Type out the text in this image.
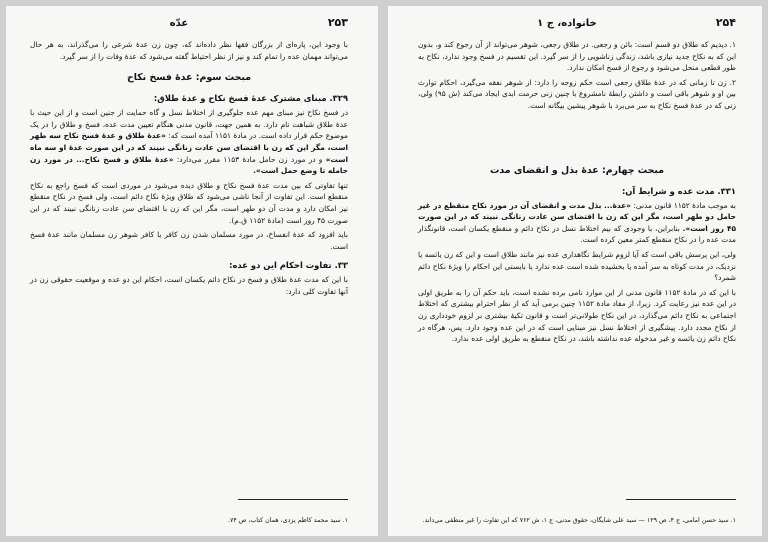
۲۵۴
خانواده، ج ۱

۱. دیدیم که طلاق دو قسم است: بائن و رجعی. در طلاق رجعی، شوهر می‌تواند از آن رجوع کند و، بدون این که به نکاح جدید نیازی باشد، زندگی زناشویی را از سر گیرد. این تقسیم در فسخ وجود ندارد، نکاح به طور قطعی منحل می‌شود و رجوع از فسخ امکان ندارد.

۲. زن تا زمانی که در عدهٔ طلاق رجعی است حکم زوجه را دارد: از شوهر نفقه می‌گیرد، احکام توارث بین او و شوهر باقی است و داشتن رابطهٔ نامشروع با چنین زنی حرمت ابدی ایجاد می‌کند (ش ۹۵) ولی، زنی که در عدهٔ فسخ نکاح به سر می‌برد با شوهر پیشین بیگانه است.

مبحث چهارم: عدهٔ بذل و انقضای مدت
۳۳۱. مدت عده و شرایط آن:

به موجب مادهٔ ۱۱۵۲ قانون مدنی: «عدهٔ... بذل مدت و انقضای آن در مورد نکاح منقطع در غیر حامل دو طهر است، مگر این که زن با اقتضای سن عادت زنانگی نبیند که در این صورت ۴۵ روز است». بنابراین، با وجودی که بیم اختلاط نسل در نکاح دائم و منقطع یکسان است، قانونگذار مدت عده را در نکاح منقطع کمتر معین کرده است.

ولی، این پرسش باقی است که آیا لزوم شرایط نگاهداری عده نیز مانند طلاق است و این که زن یائسه یا نزدیک، در مدت کوتاه به سر آمده یا بخشیده شده است عده ندارد یا بایستی این احکام را ویژهٔ نکاح دائم شمرد؟

با این که در مادهٔ ۱۱۵۲ قانون مدنی از این موارد نامی برده نشده است، باید حکم آن را به طریق اولی در این عده نیز رعایت کرد. زیرا، از مفاد مادهٔ ۱۱۵۲ چنین برمی آید که از نظر احترام بیشتری که اختلاط اجتماعی به نکاح دائم می‌گذارد، در این نکاح طولانی‌تر است و قانون تکیهٔ بیشتری بر لزوم خودداری زن از نکاح مجدد دارد. پیشگیری از اختلاط نسل نیز مبنایی است که در این عده وجود دارد. پس، هرگاه در نکاح دائم زن یائسه و غیر مدخوله عده نداشته باشد، در نکاح منقطع به طریق اولی عده ندارد.

۱. سید حسن امامی، ج ۴، ص ۱۲۹ — سید علی شایگان، حقوق مدنی، ج ۱، ش ۷۶۲ که این تفاوت را غیر منطقی می‌داند.
۲۵۳
عدّه

با وجود این، پاره‌ای از بزرگان فقها نظر داده‌اند که، چون زن عدهٔ شرعی را می‌گذراند، به هر حال می‌تواند مهمان عده را تمام کند و نیز از نظر احتیاط گفته می‌شود که عدهٔ وفات را از سر گیرد.

مبحث سوم: عدهٔ فسخ نکاح
۳۲۹. مبنای مشترک عدهٔ فسخ نکاح و عدهٔ طلاق:

در فسخ نکاح نیز مبنای مهم عده جلوگیری از اختلاط نسل و گاه حمایت از جنین است و از این حیث با عدهٔ طلاق شباهت تام دارد. به همین جهت، قانون مدنی هنگام تعیین مدت عده، فسخ و طلاق را در یک موضوع حکم قرار داده است. در مادهٔ ۱۱۵۱ آمده است که: «عدهٔ طلاق و عدهٔ فسخ نکاح سه طهر است، مگر این که زن با اقتضای سن عادت زنانگی نبیند که در این صورت عدهٔ او سه ماه است» و در مورد زن حامل مادهٔ ۱۱۵۳ مقرر می‌دارد: «عدهٔ طلاق و فسخ نکاح... در مورد زن حامله تا وضع حمل است».

تنها تفاوتی که بین مدت عدهٔ فسخ نکاح و طلاق دیده می‌شود در موردی است که فسخ راجع به نکاح منقطع است. این تفاوت از آنجا ناشی می‌شود که طلاق ویژهٔ نکاح دائم است، ولی فسخ در نکاح منقطع نیز امکان دارد و مدت آن دو طهر است، مگر این که زن با اقتضای سن عادت زنانگی نبیند که در این صورت ۴۵ روز است (مادهٔ ۱۱۵۲ ق.م).

باید افزود که عدهٔ انفساخ، در مورد مسلمان شدن زن کافر یا کافر شوهر زن مسلمان مانند عدهٔ فسخ است.

۳۳. تفاوت احکام این دو عده:

با این که مدت عدهٔ طلاق و فسخ در نکاح دائم یکسان است، احکام این دو عده و موقعیت حقوقی زن در آنها تفاوت کلی دارد:

۱. سید محمد کاظم یزدی، همان کتاب، ص ۷۴.
